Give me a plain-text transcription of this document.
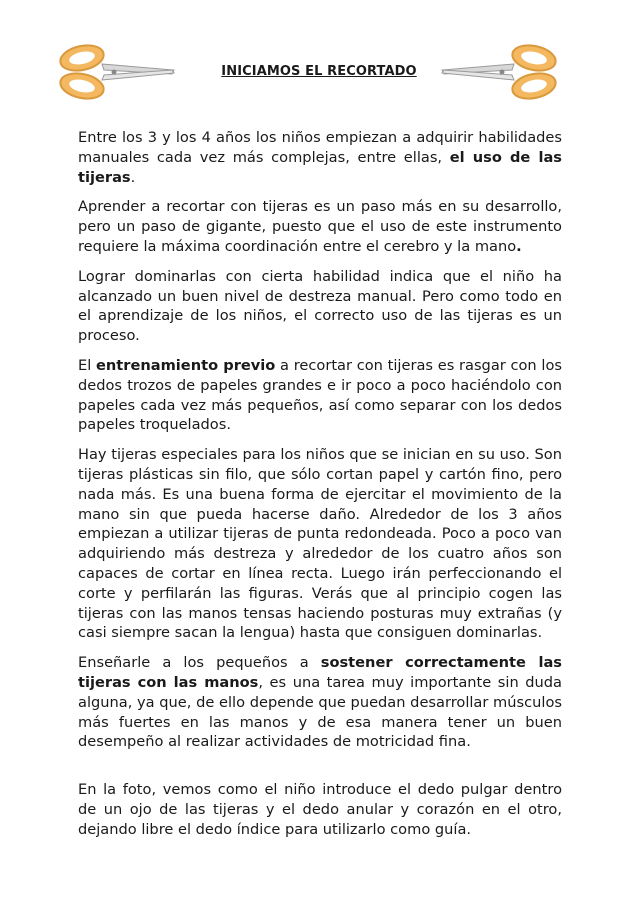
INICIAMOS EL RECORTADO

Entre los 3 y los 4 años los niños empiezan a adquirir habilidades manuales cada vez más complejas, entre ellas, el uso de las tijeras.

Aprender a recortar con tijeras es un paso más en su desarrollo, pero un paso de gigante, puesto que el uso de este instrumento requiere la máxima coordinación entre el cerebro y la mano.

Lograr dominarlas con cierta habilidad indica que el niño ha alcanzado un buen nivel de destreza manual. Pero como todo en el aprendizaje de los niños, el correcto uso de las tijeras es un proceso.

El entrenamiento previo a recortar con tijeras es rasgar con los dedos trozos de papeles grandes e ir poco a poco haciéndolo con papeles cada vez más pequeños, así como separar con los dedos papeles troquelados.

Hay tijeras especiales para los niños que se inician en su uso. Son tijeras plásticas sin filo, que sólo cortan papel y cartón fino, pero nada más. Es una buena forma de ejercitar el movimiento de la mano sin que pueda hacerse daño. Alrededor de los 3 años empiezan a utilizar tijeras de punta redondeada. Poco a poco van adquiriendo más destreza y alrededor de los cuatro años son capaces de cortar en línea recta. Luego irán perfeccionando el corte y perfilarán las figuras. Verás que al principio cogen las tijeras con las manos tensas haciendo posturas muy extrañas (y casi siempre sacan la lengua) hasta que consiguen dominarlas.

Enseñarle a los pequeños a sostener correctamente las tijeras con las manos, es una tarea muy importante sin duda alguna, ya que, de ello depende que puedan desarrollar músculos más fuertes en las manos y de esa manera tener un buen desempeño al realizar actividades de motricidad fina.

En la foto, vemos como el niño introduce el dedo pulgar dentro de un ojo de las tijeras y el dedo anular y corazón en el otro, dejando libre el dedo índice para utilizarlo como guía.
